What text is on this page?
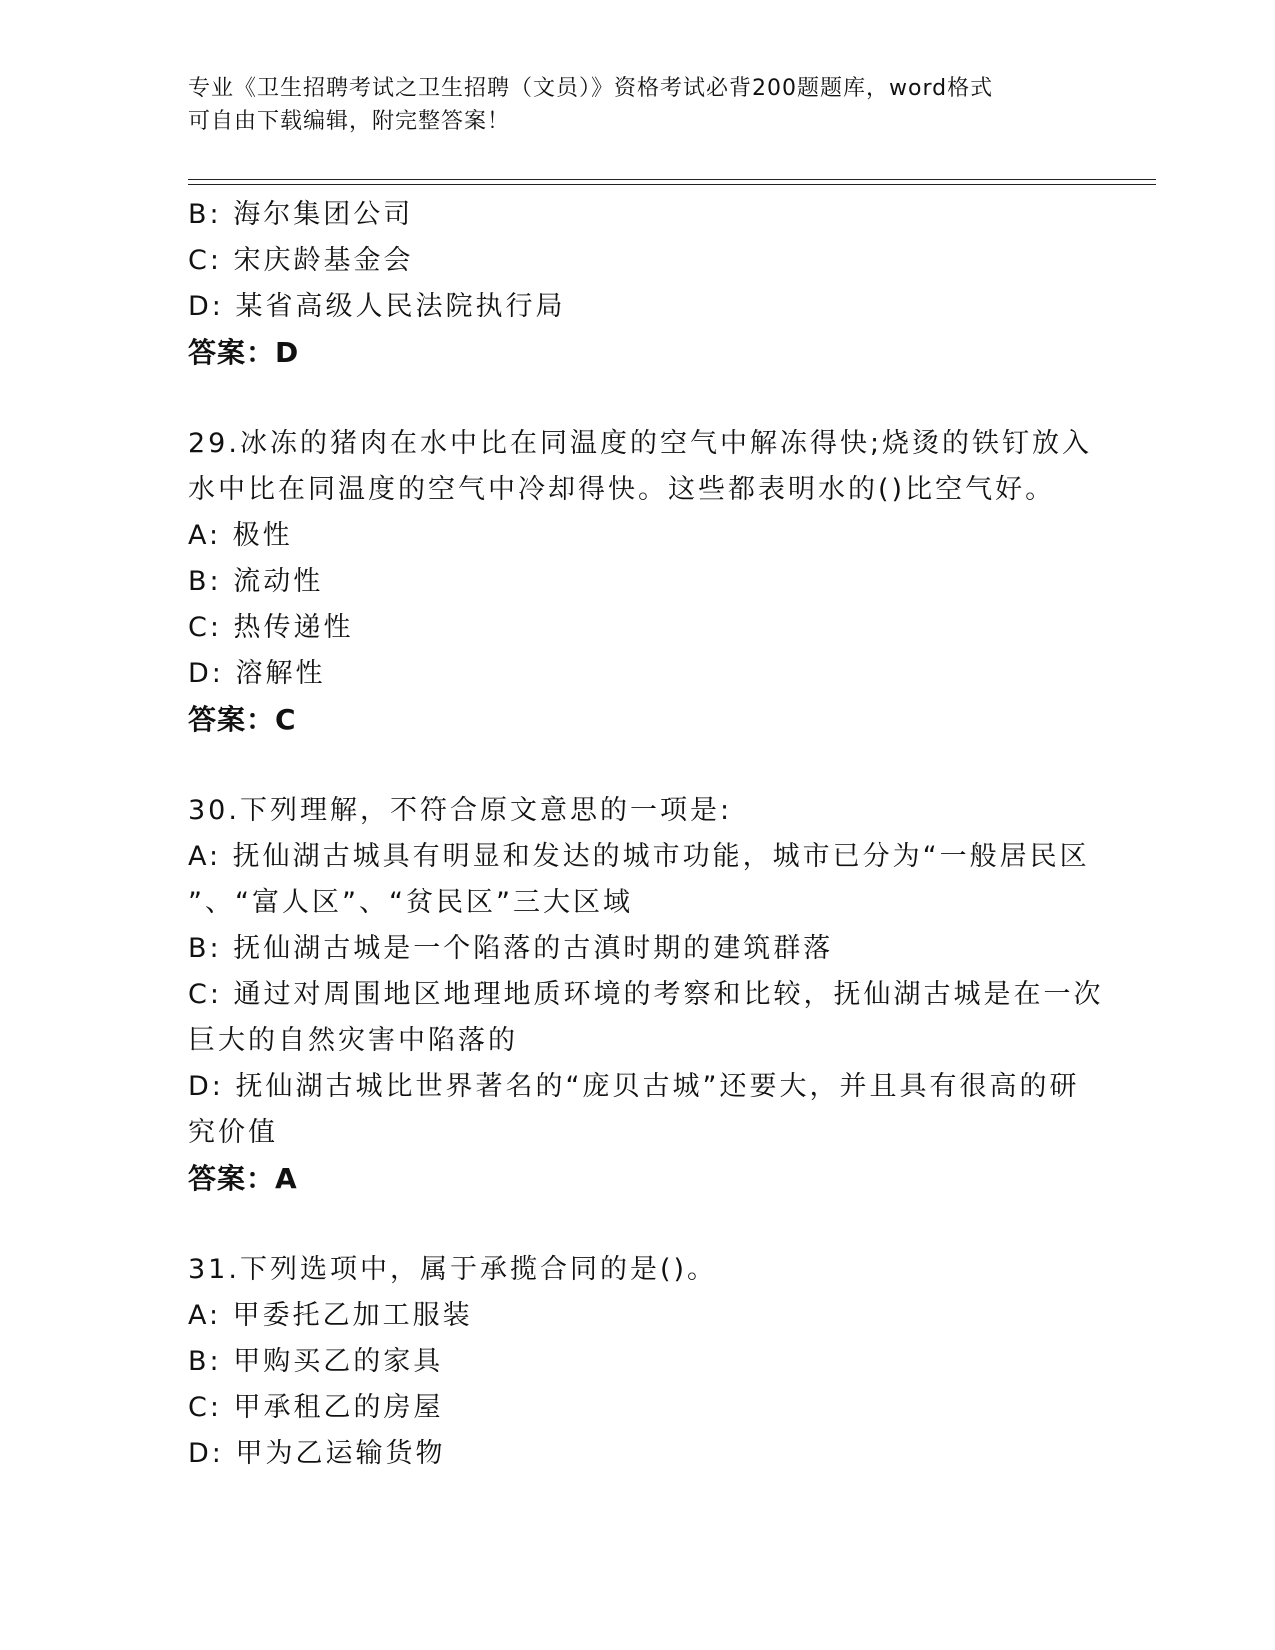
专业《卫生招聘考试之卫生招聘（文员）》资格考试必背200题题库，word格式
可自由下载编辑，附完整答案！
B: 海尔集团公司
C: 宋庆龄基金会
D: 某省高级人民法院执行局
答案：D
29.冰冻的猪肉在水中比在同温度的空气中解冻得快;烧烫的铁钉放入
水中比在同温度的空气中冷却得快。这些都表明水的()比空气好。
A: 极性
B: 流动性
C: 热传递性
D: 溶解性
答案：C
30.下列理解，不符合原文意思的一项是:
A: 抚仙湖古城具有明显和发达的城市功能，城市已分为“一般居民区
”、“富人区”、“贫民区”三大区域
B: 抚仙湖古城是一个陷落的古滇时期的建筑群落
C: 通过对周围地区地理地质环境的考察和比较，抚仙湖古城是在一次
巨大的自然灾害中陷落的
D: 抚仙湖古城比世界著名的“庞贝古城”还要大，并且具有很高的研
究价值
答案：A
31.下列选项中，属于承揽合同的是()。
A: 甲委托乙加工服装
B: 甲购买乙的家具
C: 甲承租乙的房屋
D: 甲为乙运输货物
